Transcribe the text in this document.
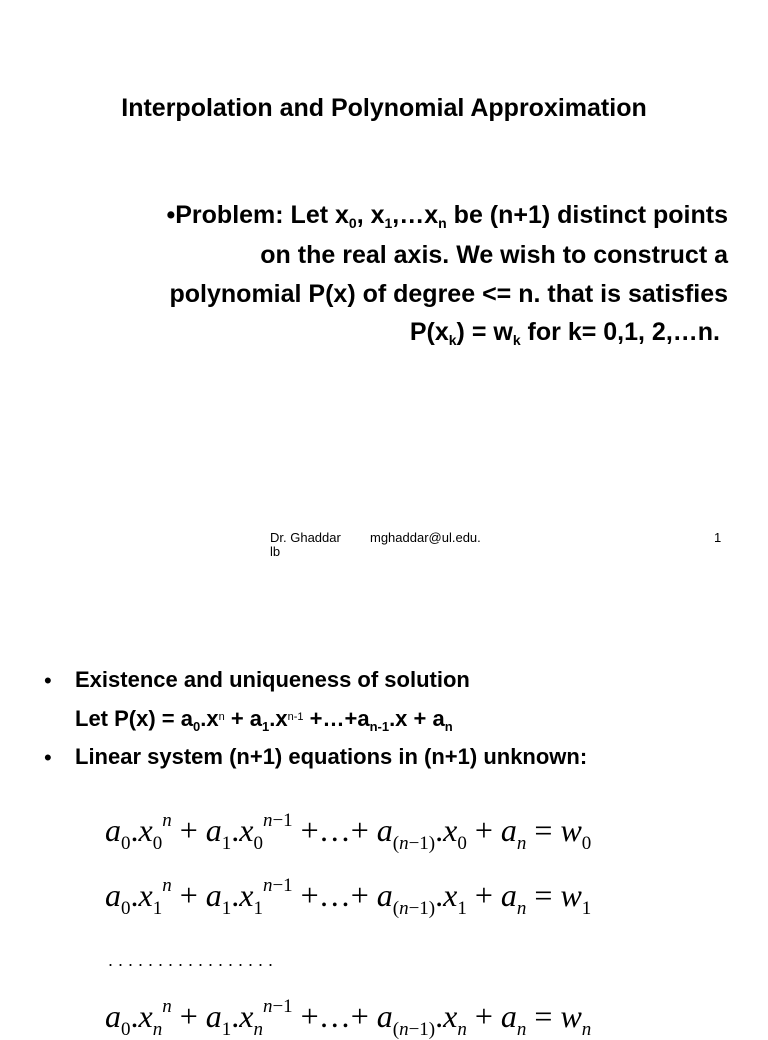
Interpolation and Polynomial Approximation
•Problem: Let $x_0$, $x_1,\dots x_n$ be (n+1) distinct points
on the real axis. We wish to construct a
polynomial P(x) of degree <= n. that is satisfies
$P(x_k) = w_k$ for k= 0,1, 2,…n.
Dr. Ghaddar
lb
mghaddar@ul.edu.	1
• Existence and uniqueness of solution
Let $P(x) = a_0.x^n + a_1.x^{n-1}$ $+\dots+a_{n-1}.x + a_n$
• Linear system (n+1) equations in (n+1) unknown:
$a_0.x_0^n + a_1.x_0^{n-1}$ +…+ $a_{(n-1)}.x_0 + a_n = w_0$
$a_0.x_1^n + a_1.x_1^{n-1}$ +…+ $a_{(n-1)}.x_1 + a_n = w_1$
. . . . . . . . . . . . . . . . .
$a_0.x_n^n + a_1.x_n^{n-1}$ +…+ $a_{(n-1)}.x_n + a_n = w_n$
